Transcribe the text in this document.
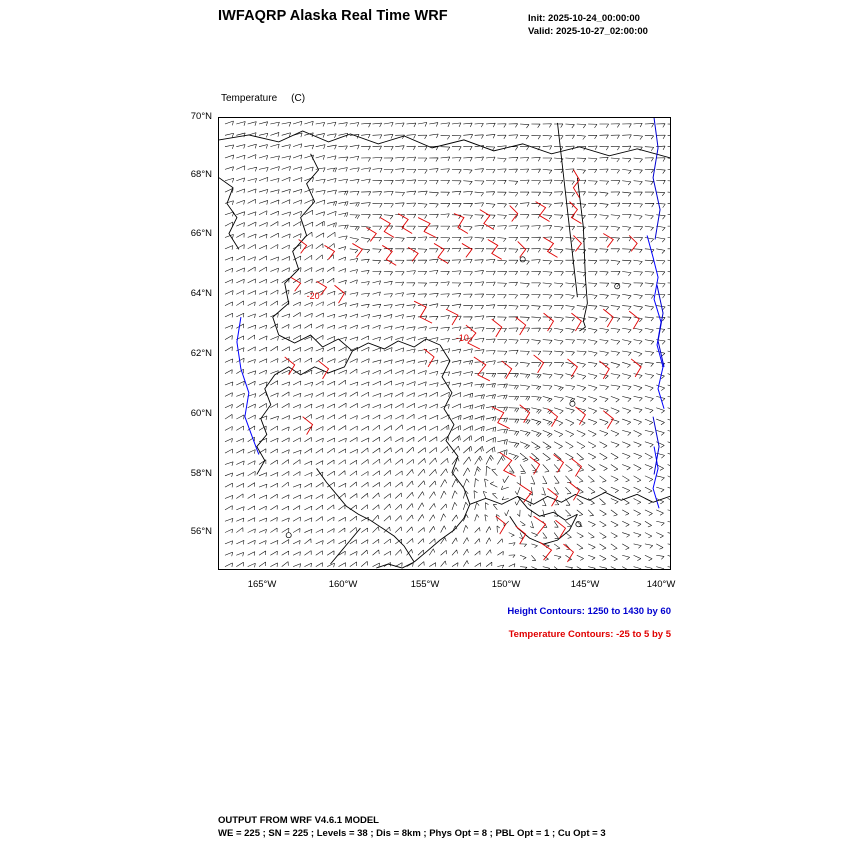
IWFAQRP Alaska Real Time WRF	Init: 2025-10-24_00:00:00
Valid: 2025-10-27_02:00:00

Temperature (C)

-20
-10
70°N
68°N
66°N
64°N
62°N
60°N
58°N
56°N
165°W	160°W	155°W	150°W	145°W	140°W
Height Contours: 1250 to 1430 by 60
Temperature Contours: -25 to 5 by 5
OUTPUT FROM WRF V4.6.1 MODEL
WE = 225 ; SN = 225 ; Levels = 38 ; Dis = 8km ; Phys Opt = 8 ; PBL Opt = 1 ; Cu Opt = 3
